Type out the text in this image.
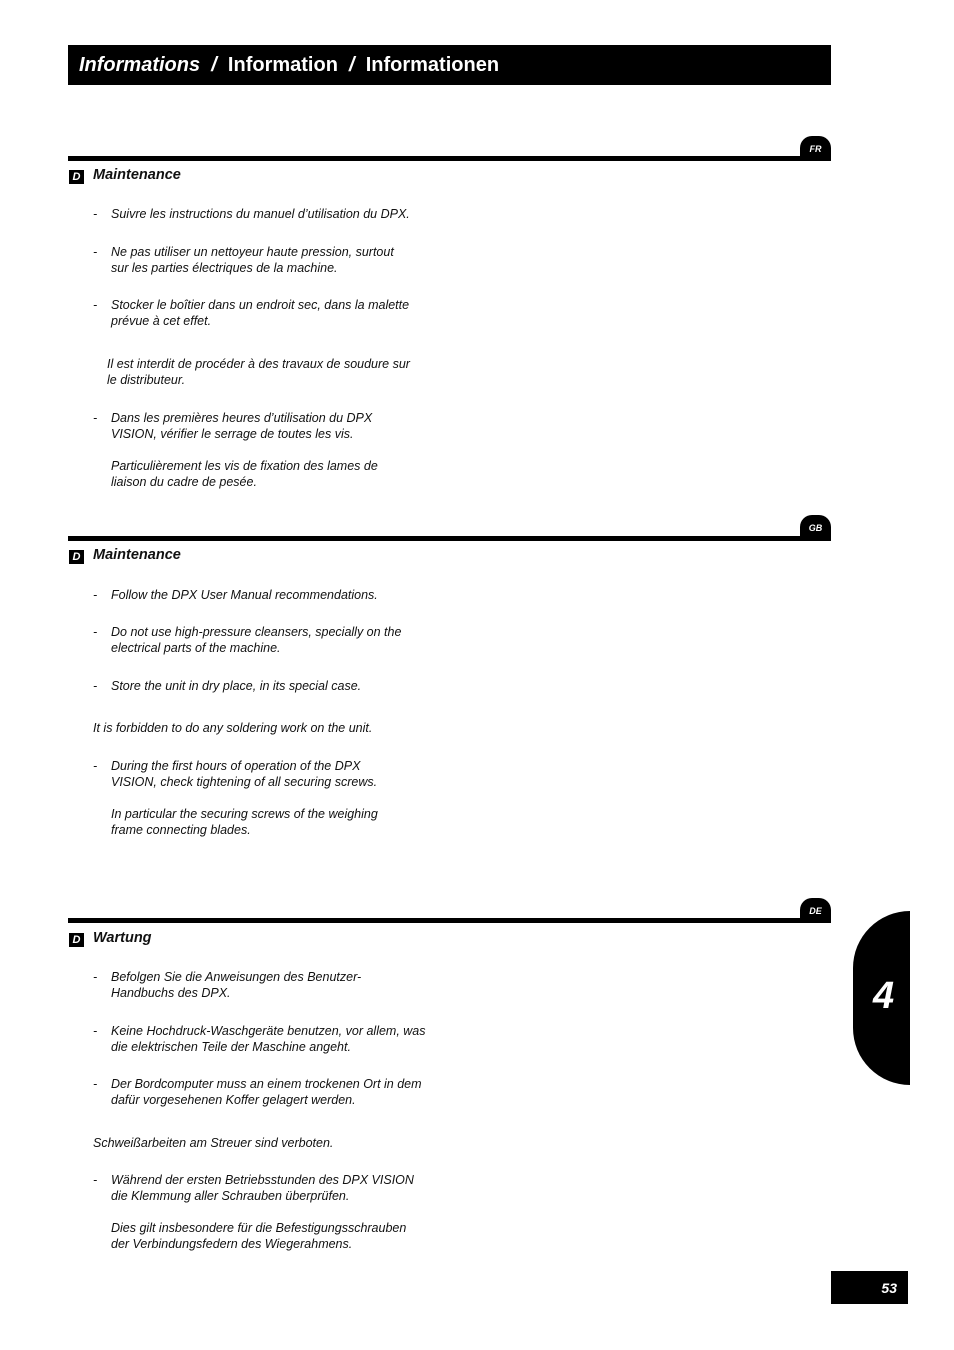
Informations / Information / Informationen
FR
D Maintenance
- Suivre les instructions du manuel d’utilisation du DPX.
- Ne pas utiliser un nettoyeur haute pression, surtout sur les parties électriques de la machine.
- Stocker le boîtier dans un endroit sec, dans la malette prévue à cet effet.
Il est interdit de procéder à des travaux de soudure sur le distributeur.
- Dans les premières heures d’utilisation du DPX VISION, vérifier le serrage de toutes les vis.
Particulièrement les vis de fixation des lames de liaison du cadre de pesée.
GB
D Maintenance
- Follow the DPX User Manual recommendations.
- Do not use high-pressure cleansers, specially on the electrical parts of the machine.
- Store the unit in dry place, in its special case.
It is forbidden to do any soldering work on the unit.
- During the first hours of operation of the DPX VISION, check tightening of all securing screws.
In particular the securing screws of the weighing frame connecting blades.
DE
D Wartung
- Befolgen Sie die Anweisungen des Benutzer-Handbuchs des DPX.
- Keine Hochdruck-Waschgeräte benutzen, vor allem, was die elektrischen Teile der Maschine angeht.
- Der Bordcomputer muss an einem trockenen Ort in dem dafür vorgesehenen Koffer gelagert werden.
Schweißarbeiten am Streuer sind verboten.
- Während der ersten Betriebsstunden des DPX VISION die Klemmung aller Schrauben überprüfen.
Dies gilt insbesondere für die Befestigungsschrauben der Verbindungsfedern des Wiegerahmens.
4
53
